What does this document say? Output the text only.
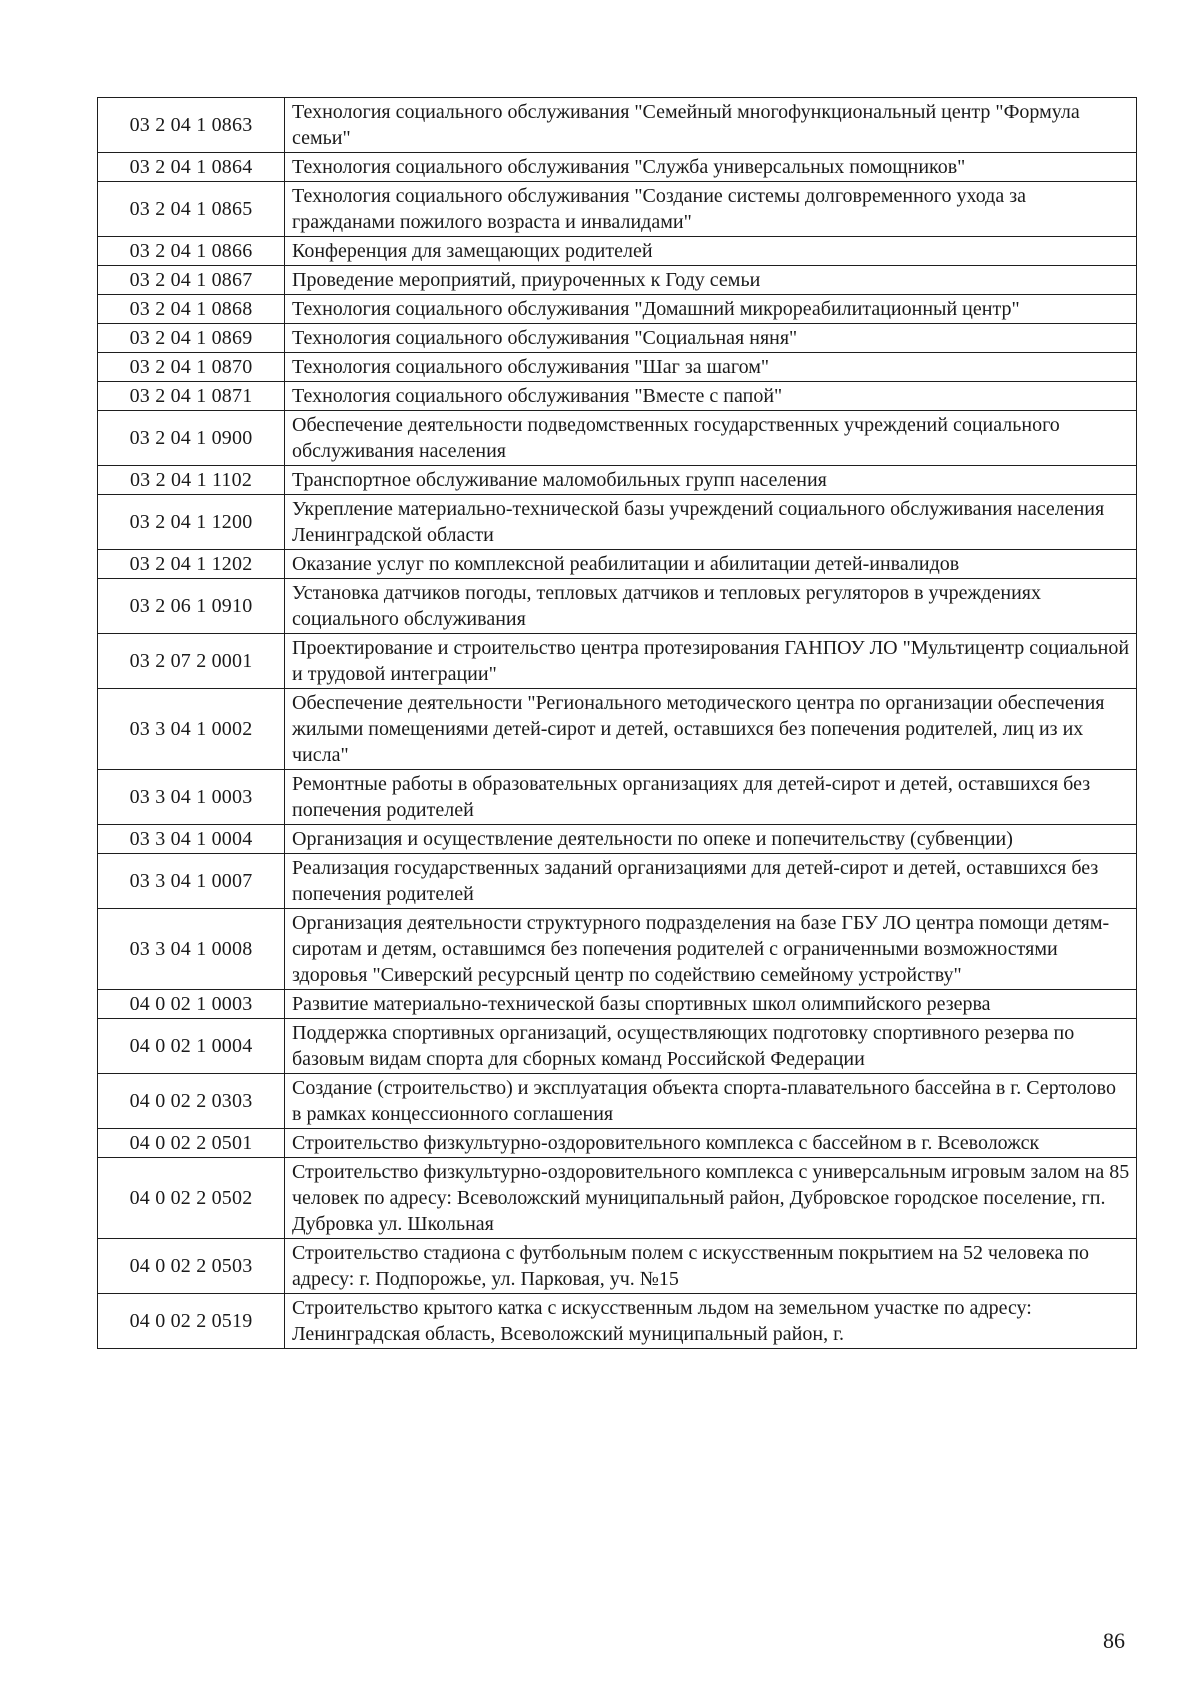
03 2 04 1 0863	Технология социального обслуживания "Семейный многофункциональный центр "Формула семьи"
03 2 04 1 0864	Технология социального обслуживания "Служба универсальных помощников"
03 2 04 1 0865	Технология социального обслуживания "Создание системы долговременного ухода за гражданами пожилого возраста и инвалидами"
03 2 04 1 0866	Конференция для замещающих родителей
03 2 04 1 0867	Проведение мероприятий, приуроченных к Году семьи
03 2 04 1 0868	Технология социального обслуживания "Домашний микрореабилитационный центр"
03 2 04 1 0869	Технология социального обслуживания "Социальная няня"
03 2 04 1 0870	Технология социального обслуживания "Шаг за шагом"
03 2 04 1 0871	Технология социального обслуживания "Вместе с папой"
03 2 04 1 0900	Обеспечение деятельности подведомственных государственных учреждений социального обслуживания населения
03 2 04 1 1102	Транспортное обслуживание маломобильных групп населения
03 2 04 1 1200	Укрепление материально-технической базы учреждений социального обслуживания населения Ленинградской области
03 2 04 1 1202	Оказание услуг по комплексной реабилитации и абилитации детей-инвалидов
03 2 06 1 0910	Установка датчиков погоды, тепловых датчиков и тепловых регуляторов в учреждениях социального обслуживания
03 2 07 2 0001	Проектирование и строительство центра протезирования ГАНПОУ ЛО "Мультицентр социальной и трудовой интеграции"
03 3 04 1 0002	Обеспечение деятельности "Регионального методического центра по организации обеспечения жилыми помещениями детей-сирот и детей, оставшихся без попечения родителей, лиц из их числа"
03 3 04 1 0003	Ремонтные работы в образовательных организациях для детей-сирот и детей, оставшихся без попечения родителей
03 3 04 1 0004	Организация и осуществление деятельности по опеке и попечительству (субвенции)
03 3 04 1 0007	Реализация государственных заданий организациями для детей-сирот и детей, оставшихся без попечения родителей
03 3 04 1 0008	Организация деятельности структурного подразделения на базе ГБУ ЛО центра помощи детям-сиротам и детям, оставшимся без попечения родителей с ограниченными возможностями здоровья "Сиверский ресурсный центр по содействию семейному устройству"
04 0 02 1 0003	Развитие материально-технической базы спортивных школ олимпийского резерва
04 0 02 1 0004	Поддержка спортивных организаций, осуществляющих подготовку спортивного резерва по базовым видам спорта для сборных команд Российской Федерации
04 0 02 2 0303	Создание (строительство) и эксплуатация объекта спорта-плавательного бассейна в г. Сертолово в рамках концессионного соглашения
04 0 02 2 0501	Строительство физкультурно-оздоровительного комплекса с бассейном в г. Всеволожск
04 0 02 2 0502	Строительство физкультурно-оздоровительного комплекса с универсальным игровым залом на 85 человек по адресу: Всеволожский муниципальный район, Дубровское городское поселение, гп. Дубровка ул. Школьная
04 0 02 2 0503	Строительство стадиона с футбольным полем с искусственным покрытием на 52 человека по адресу: г. Подпорожье, ул. Парковая, уч. №15
04 0 02 2 0519	Строительство крытого катка с искусственным льдом на земельном участке по адресу: Ленинградская область, Всеволожский муниципальный район, г.
86
